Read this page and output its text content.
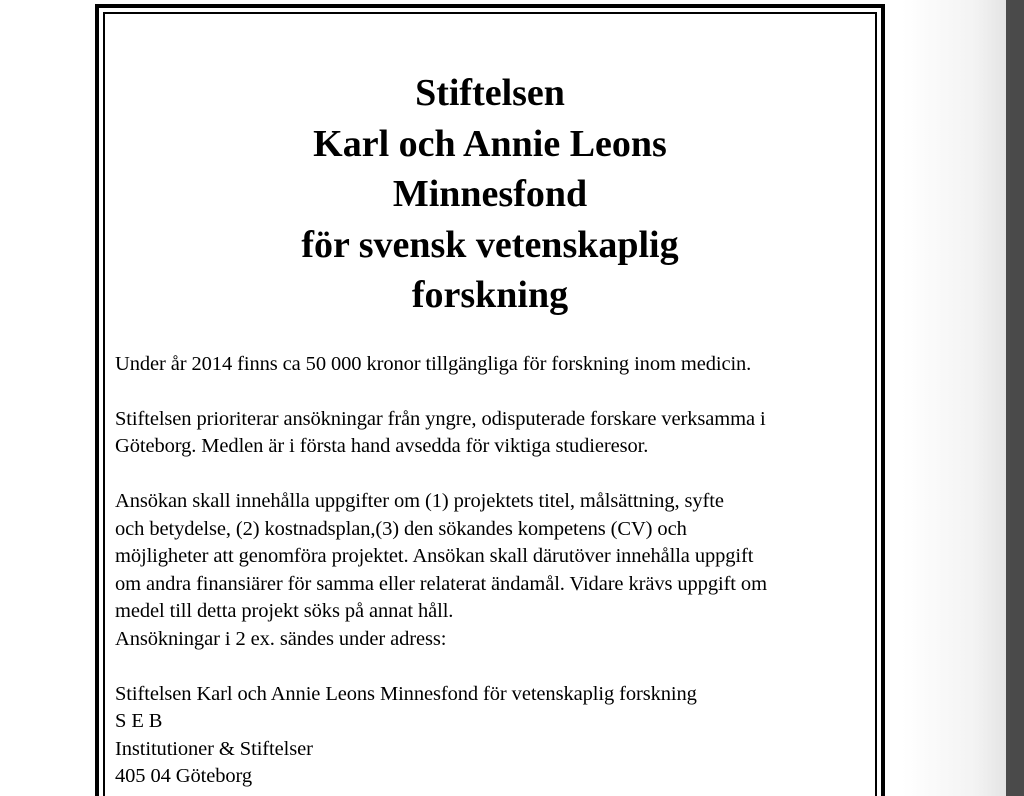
Stiftelsen
Karl och Annie Leons
Minnesfond
för svensk vetenskaplig
forskning

Under år 2014 finns ca 50 000 kronor tillgängliga för forskning inom medicin.

Stiftelsen prioriterar ansökningar från yngre, odisputerade forskare verksamma i
Göteborg. Medlen är i första hand avsedda för viktiga studieresor.

Ansökan skall innehålla uppgifter om (1) projektets titel, målsättning, syfte
och betydelse, (2) kostnadsplan,(3) den sökandes kompetens (CV) och
möjligheter att genomföra projektet. Ansökan skall därutöver innehålla uppgift
om andra finansiärer för samma eller relaterat ändamål. Vidare krävs uppgift om
medel till detta projekt söks på annat håll.
Ansökningar i 2 ex. sändes under adress:

Stiftelsen Karl och Annie Leons Minnesfond för vetenskaplig forskning
S E B
Institutioner & Stiftelser
405 04 Göteborg
